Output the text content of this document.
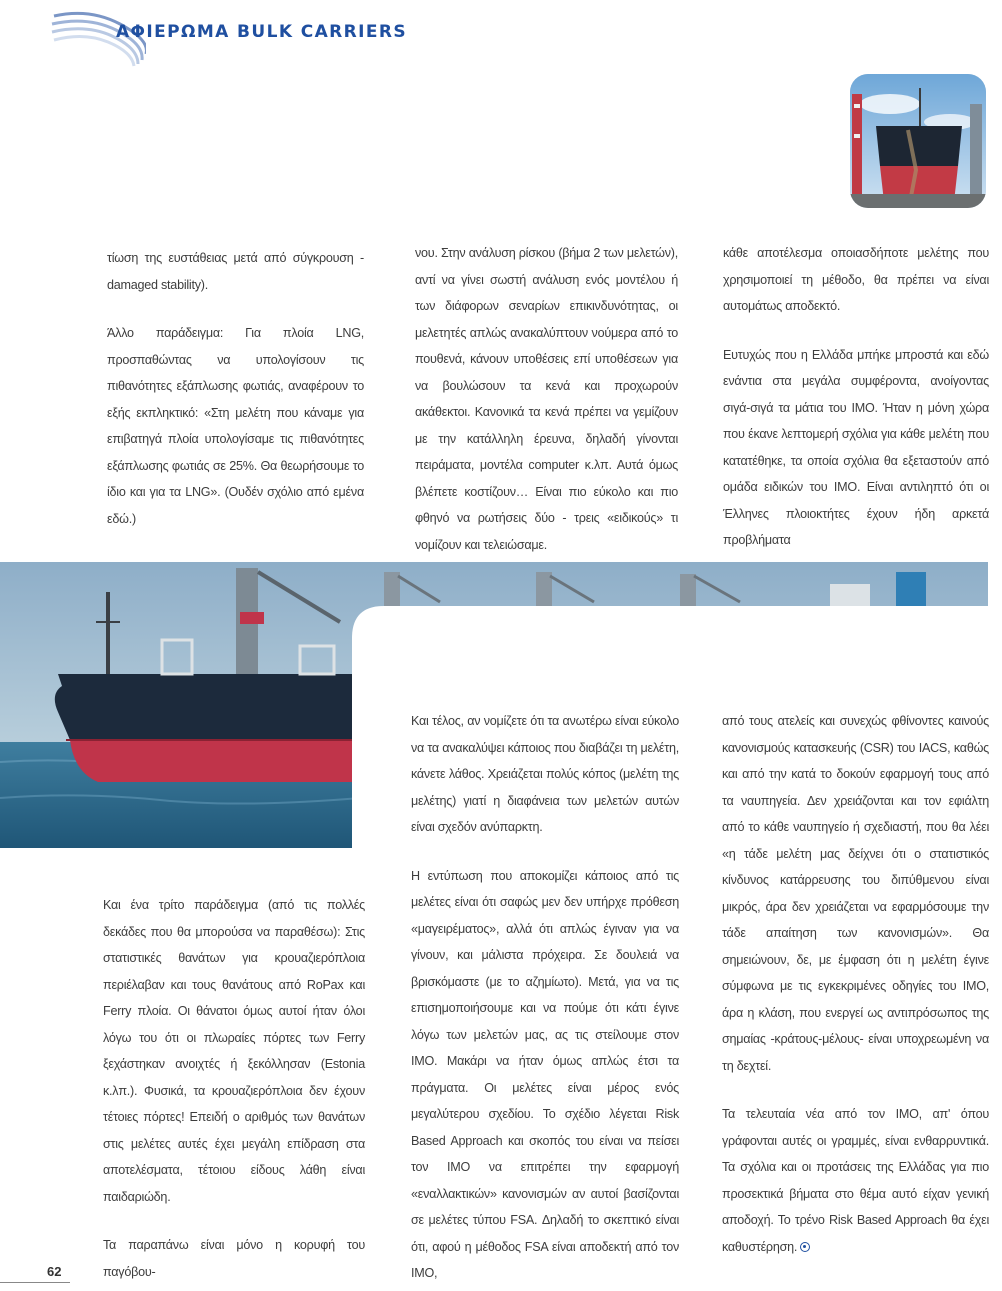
ΑΦΙΕΡΩΜΑ BULK CARRIERS

τίωση της ευστάθειας μετά από σύγκρουση - damaged stability).

Άλλο παράδειγμα: Για πλοία LNG, προσπαθώντας να υπολογίσουν τις πιθανότητες εξάπλωσης φωτιάς, αναφέρουν το εξής εκπληκτικό: «Στη μελέτη που κάναμε για επιβατηγά πλοία υπολογίσαμε τις πιθανότητες εξάπλωσης φωτιάς σε 25%. Θα θεωρήσουμε το ίδιο και για τα LNG». (Ουδέν σχόλιο από εμένα εδώ.)

νου. Στην ανάλυση ρίσκου (βήμα 2 των μελετών), αντί να γίνει σωστή ανάλυση ενός μοντέλου ή των διάφορων σεναρίων επικινδυνότητας, οι μελετητές απλώς ανακαλύπτουν νούμερα από το πουθενά, κάνουν υποθέσεις επί υποθέσεων για να βουλώσουν τα κενά και προχωρούν ακάθεκτοι. Κανονικά τα κενά πρέπει να γεμίζουν με την κατάλληλη έρευνα, δηλαδή γίνονται πειράματα, μοντέλα computer κ.λπ. Αυτά όμως βλέπετε κοστίζουν… Είναι πιο εύκολο και πιο φθηνό να ρωτήσεις δύο - τρεις «ειδικούς» τι νομίζουν και τελειώσαμε.

κάθε αποτέλεσμα οποιασδήποτε μελέτης που χρησιμοποιεί τη μέθοδο, θα πρέπει να είναι αυτομάτως αποδεκτό.

Ευτυχώς που η Ελλάδα μπήκε μπροστά και εδώ ενάντια στα μεγάλα συμφέροντα, ανοίγοντας σιγά-σιγά τα μάτια του ΙΜΟ. Ήταν η μόνη χώρα που έκανε λεπτομερή σχόλια για κάθε μελέτη που κατατέθηκε, τα οποία σχόλια θα εξεταστούν από ομάδα ειδικών του ΙΜΟ. Είναι αντιληπτό ότι οι Έλληνες πλοιοκτήτες έχουν ήδη αρκετά προβλήματα

Και ένα τρίτο παράδειγμα (από τις πολλές δεκάδες που θα μπορούσα να παραθέσω): Στις στατιστικές θανάτων για κρουαζιερόπλοια περιέλαβαν και τους θανάτους από RoPax και Ferry πλοία. Οι θάνατοι όμως αυτοί ήταν όλοι λόγω του ότι οι πλωραίες πόρτες των Ferry ξεχάστηκαν ανοιχτές ή ξεκόλλησαν (Estonia κ.λπ.). Φυσικά, τα κρουαζιερόπλοια δεν έχουν τέτοιες πόρτες! Επειδή ο αριθμός των θανάτων στις μελέτες αυτές έχει μεγάλη επίδραση στα αποτελέσματα, τέτοιου είδους λάθη είναι παιδαριώδη.

Τα παραπάνω είναι μόνο η κορυφή του παγόβου-

Και τέλος, αν νομίζετε ότι τα ανωτέρω είναι εύκολο να τα ανακαλύψει κάποιος που διαβάζει τη μελέτη, κάνετε λάθος. Χρειάζεται πολύς κόπος (μελέτη της μελέτης) γιατί η διαφάνεια των μελετών αυτών είναι σχεδόν ανύπαρκτη.

Η εντύπωση που αποκομίζει κάποιος από τις μελέτες είναι ότι σαφώς μεν δεν υπήρχε πρόθεση «μαγειρέματος», αλλά ότι απλώς έγιναν για να γίνουν, και μάλιστα πρόχειρα. Σε δουλειά να βρισκόμαστε (με το αζημίωτο). Μετά, για να τις επισημοποιήσουμε και να πούμε ότι κάτι έγινε λόγω των μελετών μας, ας τις στείλουμε στον ΙΜΟ. Μακάρι να ήταν όμως απλώς έτσι τα πράγματα. Οι μελέτες είναι μέρος ενός μεγαλύτερου σχεδίου. Το σχέδιο λέγεται Risk Based Approach και σκοπός του είναι να πείσει τον ΙΜΟ να επιτρέπει την εφαρμογή «εναλλακτικών» κανονισμών αν αυτοί βασίζονται σε μελέτες τύπου FSA. Δηλαδή το σκεπτικό είναι ότι, αφού η μέθοδος FSA είναι αποδεκτή από τον ΙΜΟ,

από τους ατελείς και συνεχώς φθίνοντες καινούς κανονισμούς κατασκευής (CSR) του IACS, καθώς και από την κατά το δοκούν εφαρμογή τους από τα ναυπηγεία. Δεν χρειάζονται και τον εφιάλτη από το κάθε ναυπηγείο ή σχεδιαστή, που θα λέει «η τάδε μελέτη μας δείχνει ότι ο στατιστικός κίνδυνος κατάρρευσης του διπύθμενου είναι μικρός, άρα δεν χρειάζεται να εφαρμόσουμε την τάδε απαίτηση των κανονισμών». Θα σημειώνουν, δε, με έμφαση ότι η μελέτη έγινε σύμφωνα με τις εγκεκριμένες οδηγίες του ΙΜΟ, άρα η κλάση, που ενεργεί ως αντιπρόσωπος της σημαίας -κράτους-μέλους- είναι υποχρεωμένη να τη δεχτεί.

Τα τελευταία νέα από τον ΙΜΟ, απ' όπου γράφονται αυτές οι γραμμές, είναι ενθαρρυντικά. Τα σχόλια και οι προτάσεις της Ελλάδας για πιο προσεκτικά βήματα στο θέμα αυτό είχαν γενική αποδοχή. Το τρένο Risk Based Approach θα έχει καθυστέρηση.

62
